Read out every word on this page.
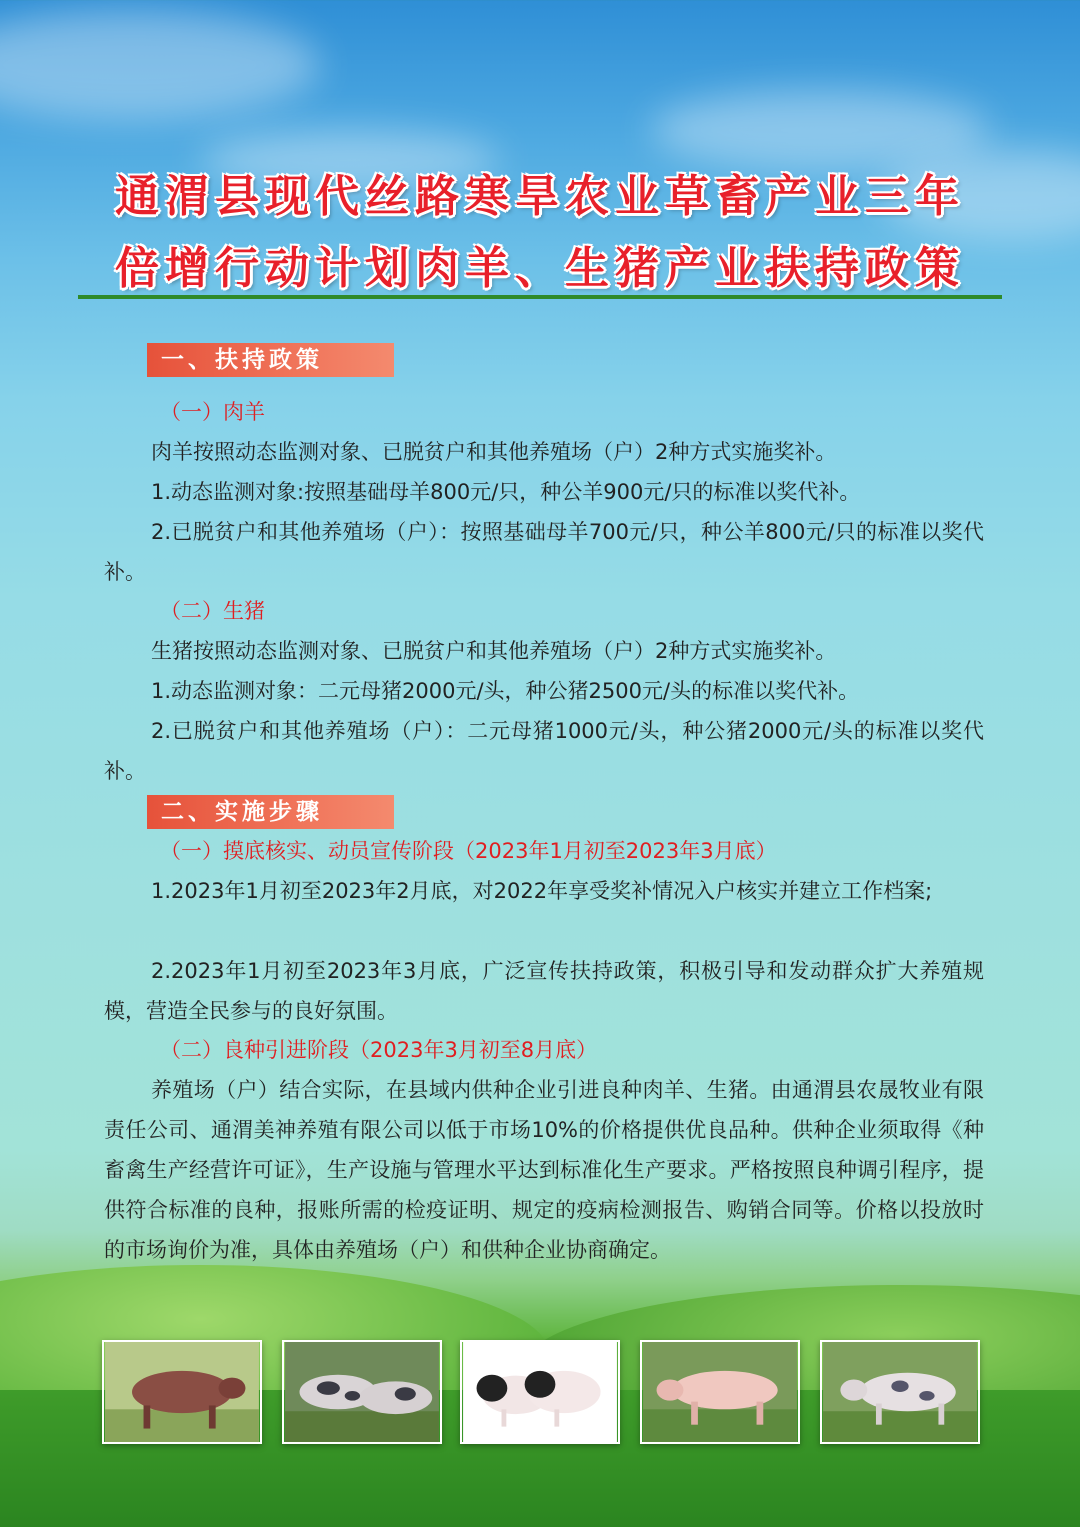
通渭县现代丝路寒旱农业草畜产业三年
倍增行动计划肉羊、生猪产业扶持政策
一、扶持政策
（一）肉羊
肉羊按照动态监测对象、已脱贫户和其他养殖场（户）2种方式实施奖补。
1.动态监测对象:按照基础母羊800元/只，种公羊900元/只的标准以奖代补。
2.已脱贫户和其他养殖场（户）：按照基础母羊700元/只，种公羊800元/只的标准以奖代补。
（二）生猪
生猪按照动态监测对象、已脱贫户和其他养殖场（户）2种方式实施奖补。
1.动态监测对象：二元母猪2000元/头，种公猪2500元/头的标准以奖代补。
2.已脱贫户和其他养殖场（户）：二元母猪1000元/头，种公猪2000元/头的标准以奖代补。
二、实施步骤
（一）摸底核实、动员宣传阶段（2023年1月初至2023年3月底）
1.2023年1月初至2023年2月底，对2022年享受奖补情况入户核实并建立工作档案;
2.2023年1月初至2023年3月底，广泛宣传扶持政策，积极引导和发动群众扩大养殖规模，营造全民参与的良好氛围。
（二）良种引进阶段（2023年3月初至8月底）
养殖场（户）结合实际，在县域内供种企业引进良种肉羊、生猪。由通渭县农晟牧业有限责任公司、通渭美神养殖有限公司以低于市场10%的价格提供优良品种。供种企业须取得《种畜禽生产经营许可证》，生产设施与管理水平达到标准化生产要求。严格按照良种调引程序，提供符合标准的良种，报账所需的检疫证明、规定的疫病检测报告、购销合同等。价格以投放时的市场询价为准，具体由养殖场（户）和供种企业协商确定。
